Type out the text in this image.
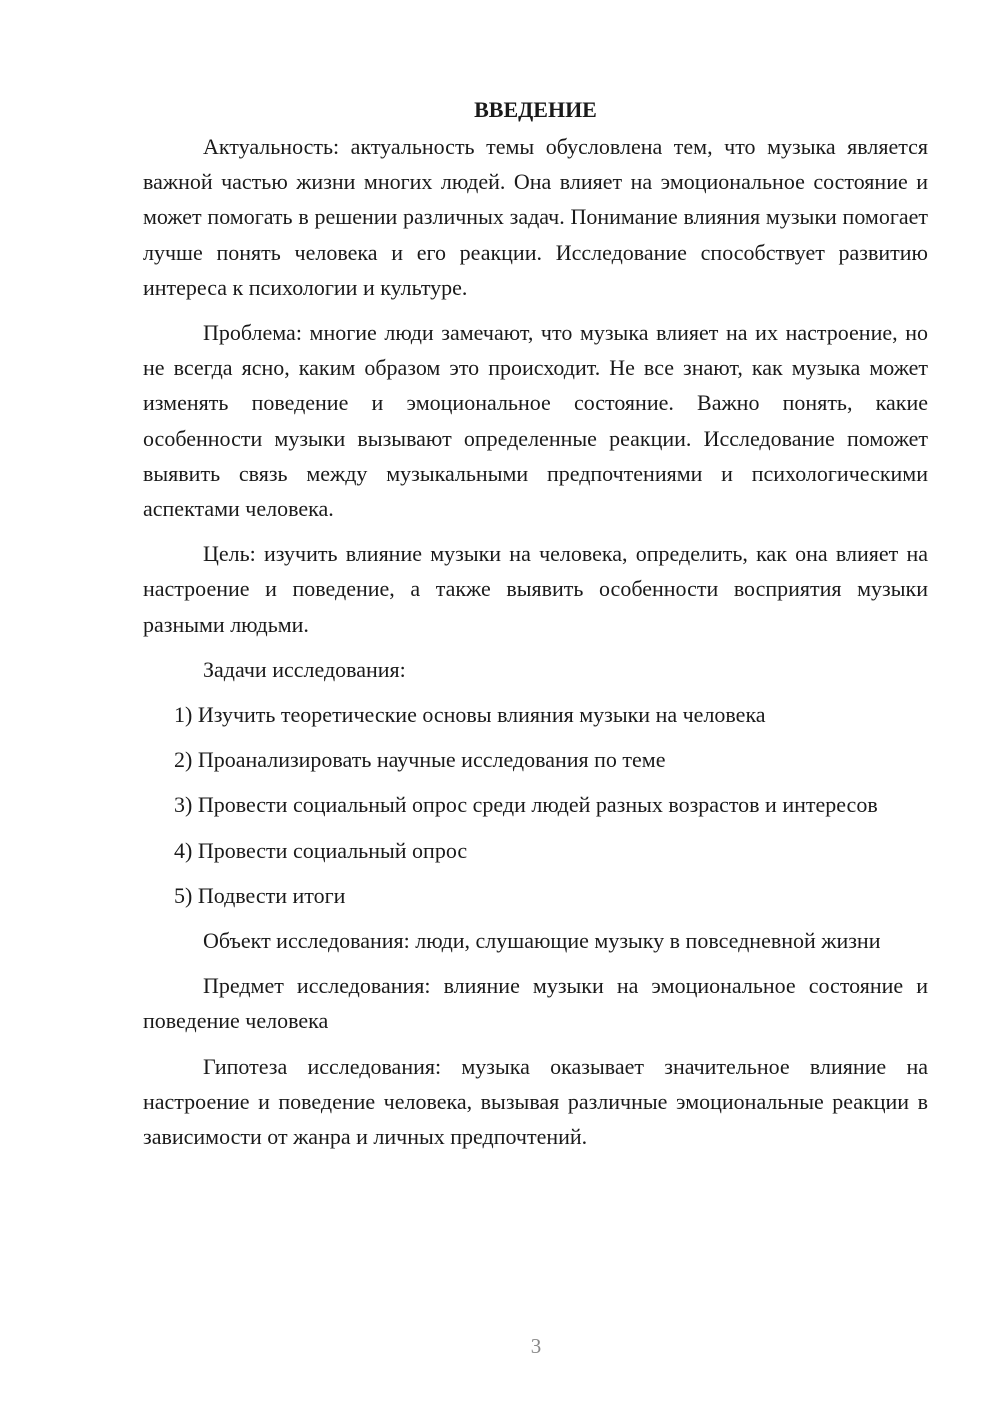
ВВЕДЕНИЕ

Актуальность: актуальность темы обусловлена тем, что музыка является важной частью жизни многих людей. Она влияет на эмоциональное состояние и может помогать в решении различных задач. Понимание влияния музыки помогает лучше понять человека и его реакции. Исследование способствует развитию интереса к психологии и культуре.

Проблема: многие люди замечают, что музыка влияет на их настроение, но не всегда ясно, каким образом это происходит. Не все знают, как музыка может изменять поведение и эмоциональное состояние. Важно понять, какие особенности музыки вызывают определенные реакции. Исследование поможет выявить связь между музыкальными предпочтениями и психологическими аспектами человека.

Цель: изучить влияние музыки на человека, определить, как она влияет на настроение и поведение, а также выявить особенности восприятия музыки разными людьми.

Задачи исследования:

1) Изучить теоретические основы влияния музыки на человека

2) Проанализировать научные исследования по теме

3) Провести социальный опрос среди людей разных возрастов и интересов

4) Провести социальный опрос

5) Подвести итоги

Объект исследования: люди, слушающие музыку в повседневной жизни

Предмет исследования: влияние музыки на эмоциональное состояние и поведение человека

Гипотеза исследования: музыка оказывает значительное влияние на настроение и поведение человека, вызывая различные эмоциональные реакции в зависимости от жанра и личных предпочтений.

3
